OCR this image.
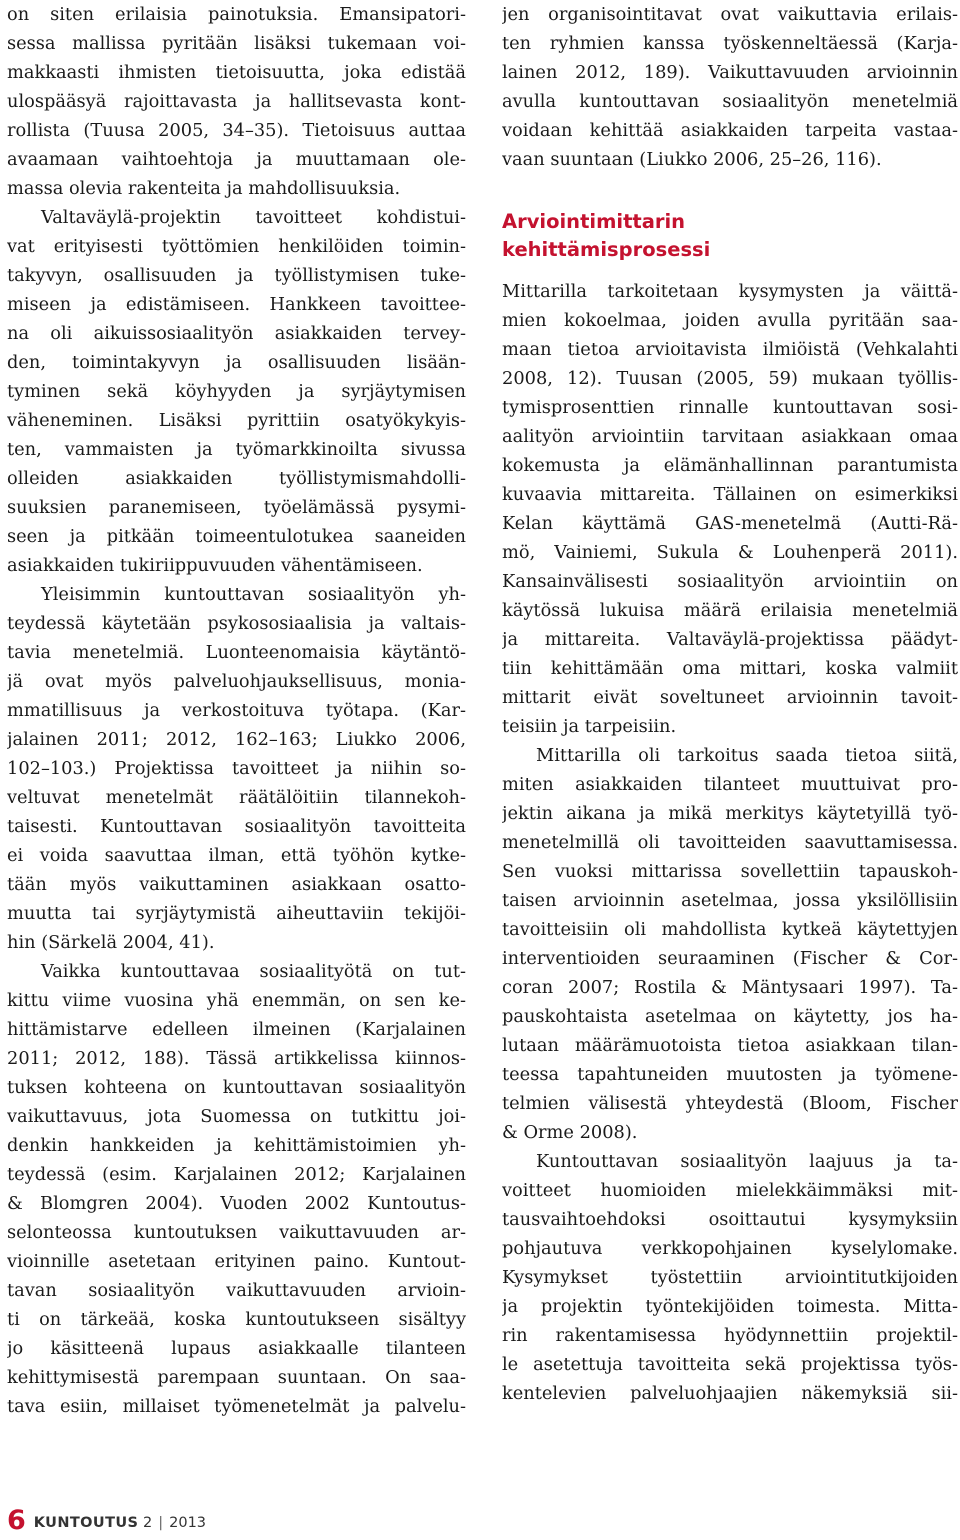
on siten erilaisia painotuksia. Emansipatori-
sessa mallissa pyritään lisäksi tukemaan voi-
makkaasti ihmisten tietoisuutta, joka edistää
ulospääsyä rajoittavasta ja hallitsevasta kont-
rollista (Tuusa 2005, 34–35). Tietoisuus auttaa
avaamaan vaihtoehtoja ja muuttamaan ole-
massa olevia rakenteita ja mahdollisuuksia.
Valtaväylä-projektin tavoitteet kohdistui-
vat erityisesti työttömien henkilöiden toimin-
takyvyn, osallisuuden ja työllistymisen tuke-
miseen ja edistämiseen. Hankkeen tavoittee-
na oli aikuissosiaalityön asiakkaiden tervey-
den, toimintakyvyn ja osallisuuden lisään-
tyminen sekä köyhyyden ja syrjäytymisen
väheneminen. Lisäksi pyrittiin osatyökykyis-
ten, vammaisten ja työmarkkinoilta sivussa
olleiden asiakkaiden työllistymismahdolli-
suuksien paranemiseen, työelämässä pysymi-
seen ja pitkään toimeentulotukea saaneiden
asiakkaiden tukiriippuvuuden vähentämiseen.
Yleisimmin kuntouttavan sosiaalityön yh-
teydessä käytetään psykososiaalisia ja valtais-
tavia menetelmiä. Luonteenomaisia käytäntö-
jä ovat myös palveluohjauksellisuus, monia-
mmatillisuus ja verkostoituva työtapa. (Kar-
jalainen 2011; 2012, 162–163; Liukko 2006,
102–103.) Projektissa tavoitteet ja niihin so-
veltuvat menetelmät räätälöitiin tilannekoh-
taisesti. Kuntouttavan sosiaalityön tavoitteita
ei voida saavuttaa ilman, että työhön kytke-
tään myös vaikuttaminen asiakkaan osatto-
muutta tai syrjäytymistä aiheuttaviin tekijöi-
hin (Särkelä 2004, 41).
Vaikka kuntouttavaa sosiaalityötä on tut-
kittu viime vuosina yhä enemmän, on sen ke-
hittämistarve edelleen ilmeinen (Karjalainen
2011; 2012, 188). Tässä artikkelissa kiinnos-
tuksen kohteena on kuntouttavan sosiaalityön
vaikuttavuus, jota Suomessa on tutkittu joi-
denkin hankkeiden ja kehittämistoimien yh-
teydessä (esim. Karjalainen 2012; Karjalainen
& Blomgren 2004). Vuoden 2002 Kuntoutus-
selonteossa kuntoutuksen vaikuttavuuden ar-
vioinnille asetetaan erityinen paino. Kuntout-
tavan sosiaalityön vaikuttavuuden arvioin-
ti on tärkeää, koska kuntoutukseen sisältyy
jo käsitteenä lupaus asiakkaalle tilanteen
kehittymisestä parempaan suuntaan. On saa-
tava esiin, millaiset työmenetelmät ja palvelu-
jen organisointitavat ovat vaikuttavia erilais-
ten ryhmien kanssa työskenneltäessä (Karja-
lainen 2012, 189). Vaikuttavuuden arvioinnin
avulla kuntouttavan sosiaalityön menetelmiä
voidaan kehittää asiakkaiden tarpeita vastaa-
vaan suuntaan (Liukko 2006, 25–26, 116).
Arviointimittarin
kehittämisprosessi
Mittarilla tarkoitetaan kysymysten ja väittä-
mien kokoelmaa, joiden avulla pyritään saa-
maan tietoa arvioitavista ilmiöistä (Vehkalahti
2008, 12). Tuusan (2005, 59) mukaan työllis-
tymisprosenttien rinnalle kuntouttavan sosi-
aalityön arviointiin tarvitaan asiakkaan omaa
kokemusta ja elämänhallinnan parantumista
kuvaavia mittareita. Tällainen on esimerkiksi
Kelan käyttämä GAS-menetelmä (Autti-Rä-
mö, Vainiemi, Sukula & Louhenperä 2011).
Kansainvälisesti sosiaalityön arviointiin on
käytössä lukuisa määrä erilaisia menetelmiä
ja mittareita. Valtaväylä-projektissa päädyt-
tiin kehittämään oma mittari, koska valmiit
mittarit eivät soveltuneet arvioinnin tavoit-
teisiin ja tarpeisiin.
Mittarilla oli tarkoitus saada tietoa siitä,
miten asiakkaiden tilanteet muuttuivat pro-
jektin aikana ja mikä merkitys käytetyillä työ-
menetelmillä oli tavoitteiden saavuttamisessa.
Sen vuoksi mittarissa sovellettiin tapauskoh-
taisen arvioinnin asetelmaa, jossa yksilöllisiin
tavoitteisiin oli mahdollista kytkeä käytettyjen
interventioiden seuraaminen (Fischer & Cor-
coran 2007; Rostila & Mäntysaari 1997). Ta-
pauskohtaista asetelmaa on käytetty, jos ha-
lutaan määrämuotoista tietoa asiakkaan tilan-
teessa tapahtuneiden muutosten ja työmene-
telmien välisestä yhteydestä (Bloom, Fischer
& Orme 2008).
Kuntouttavan sosiaalityön laajuus ja ta-
voitteet huomioiden mielekkäimmäksi mit-
tausvaihtoehdoksi osoittautui kysymyksiin
pohjautuva verkkopohjainen kyselylomake.
Kysymykset työstettiin arviointitutkijoiden
ja projektin työntekijöiden toimesta. Mitta-
rin rakentamisessa hyödynnettiin projektil-
le asetettuja tavoitteita sekä projektissa työs-
kentelevien palveluohjaajien näkemyksiä sii-
6 KUNTOUTUS 2 | 2013
